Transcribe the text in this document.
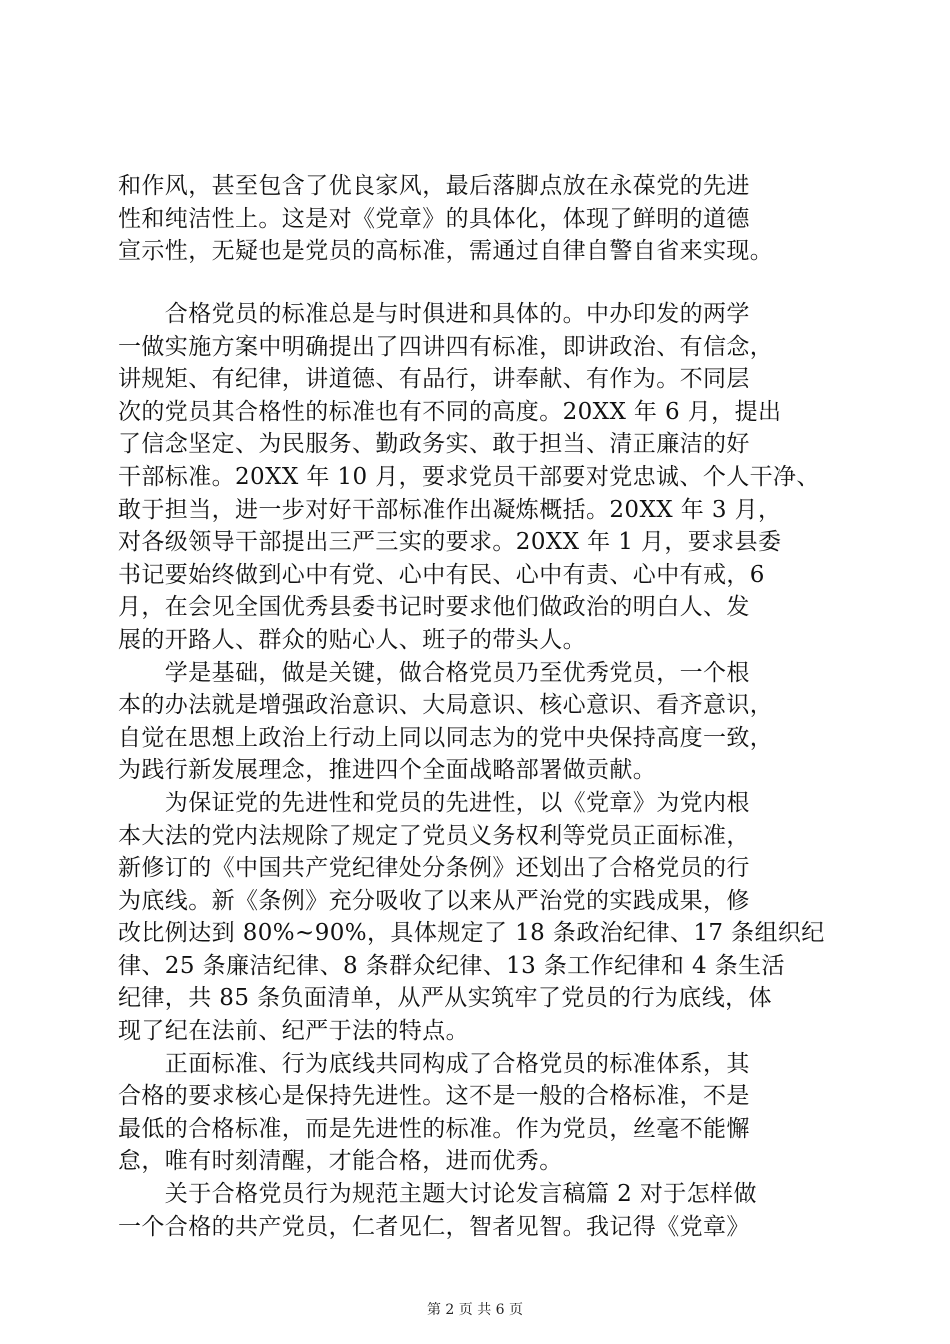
和作风，甚至包含了优良家风，最后落脚点放在永葆党的先进
性和纯洁性上。这是对《党章》的具体化，体现了鲜明的道德
宣示性，无疑也是党员的高标准，需通过自律自警自省来实现。
　　合格党员的标准总是与时俱进和具体的。中办印发的两学
一做实施方案中明确提出了四讲四有标准，即讲政治、有信念，
讲规矩、有纪律，讲道德、有品行，讲奉献、有作为。不同层
次的党员其合格性的标准也有不同的高度。20XX 年 6 月，提出
了信念坚定、为民服务、勤政务实、敢于担当、清正廉洁的好
干部标准。20XX 年 10 月，要求党员干部要对党忠诚、个人干净、
敢于担当，进一步对好干部标准作出凝炼概括。20XX 年 3 月，
对各级领导干部提出三严三实的要求。20XX 年 1 月，要求县委
书记要始终做到心中有党、心中有民、心中有责、心中有戒，6
月，在会见全国优秀县委书记时要求他们做政治的明白人、发
展的开路人、群众的贴心人、班子的带头人。
　　学是基础，做是关键，做合格党员乃至优秀党员，一个根
本的办法就是增强政治意识、大局意识、核心意识、看齐意识，
自觉在思想上政治上行动上同以同志为的党中央保持高度一致，
为践行新发展理念，推进四个全面战略部署做贡献。
　　为保证党的先进性和党员的先进性，以《党章》为党内根
本大法的党内法规除了规定了党员义务权利等党员正面标准，
新修订的《中国共产党纪律处分条例》还划出了合格党员的行
为底线。新《条例》充分吸收了以来从严治党的实践成果，修
改比例达到 80%~90%，具体规定了 18 条政治纪律、17 条组织纪
律、25 条廉洁纪律、8 条群众纪律、13 条工作纪律和 4 条生活
纪律，共 85 条负面清单，从严从实筑牢了党员的行为底线，体
现了纪在法前、纪严于法的特点。
　　正面标准、行为底线共同构成了合格党员的标准体系，其
合格的要求核心是保持先进性。这不是一般的合格标准，不是
最低的合格标准，而是先进性的标准。作为党员，丝毫不能懈
怠，唯有时刻清醒，才能合格，进而优秀。
　　关于合格党员行为规范主题大讨论发言稿篇 2 对于怎样做
一个合格的共产党员，仁者见仁，智者见智。我记得《党章》
第 2 页 共 6 页
